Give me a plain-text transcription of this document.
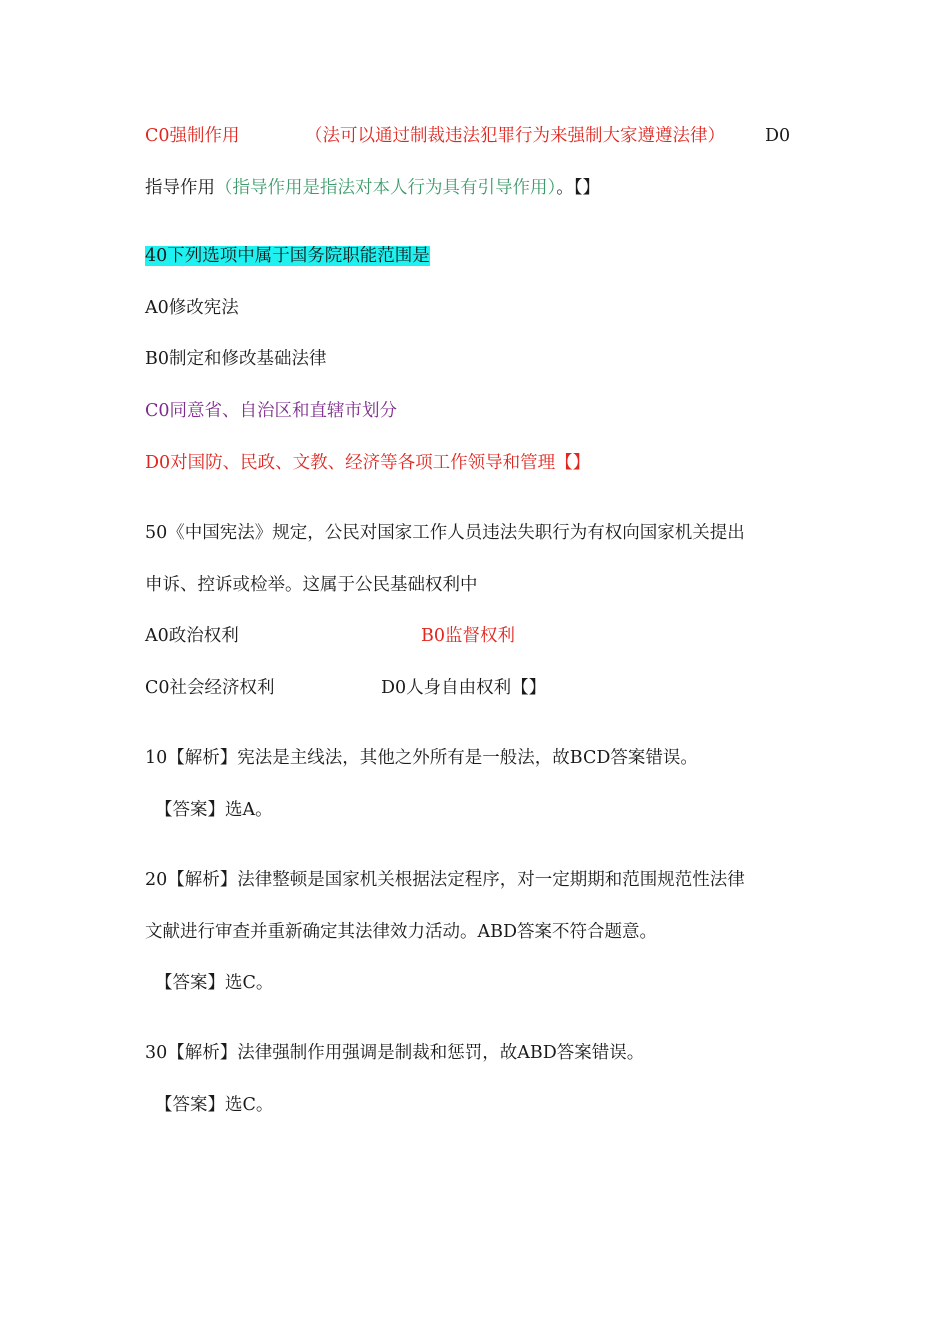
C0强制作用	（法可以通过制裁违法犯罪行为来强制大家遵遵法律） D0
指导作用（指导作用是指法对本人行为具有引导作用）。【】
40下列选项中属于国务院职能范围是
A0修改宪法
B0制定和修改基础法律
C0同意省、自治区和直辖市划分
D0对国防、民政、文教、经济等各项工作领导和管理【】
50《中国宪法》规定，公民对国家工作人员违法失职行为有权向国家机关提出
申诉、控诉或检举。这属于公民基础权利中
A0政治权利	B0监督权利
C0社会经济权利	D0人身自由权利【】
10【解析】宪法是主线法，其他之外所有是一般法，故BCD答案错误。
【答案】选A。
20【解析】法律整顿是国家机关根据法定程序，对一定期期和范围规范性法律
文献进行审查并重新确定其法律效力活动。ABD答案不符合题意。
【答案】选C。
30【解析】法律强制作用强调是制裁和惩罚，故ABD答案错误。
【答案】选C。
